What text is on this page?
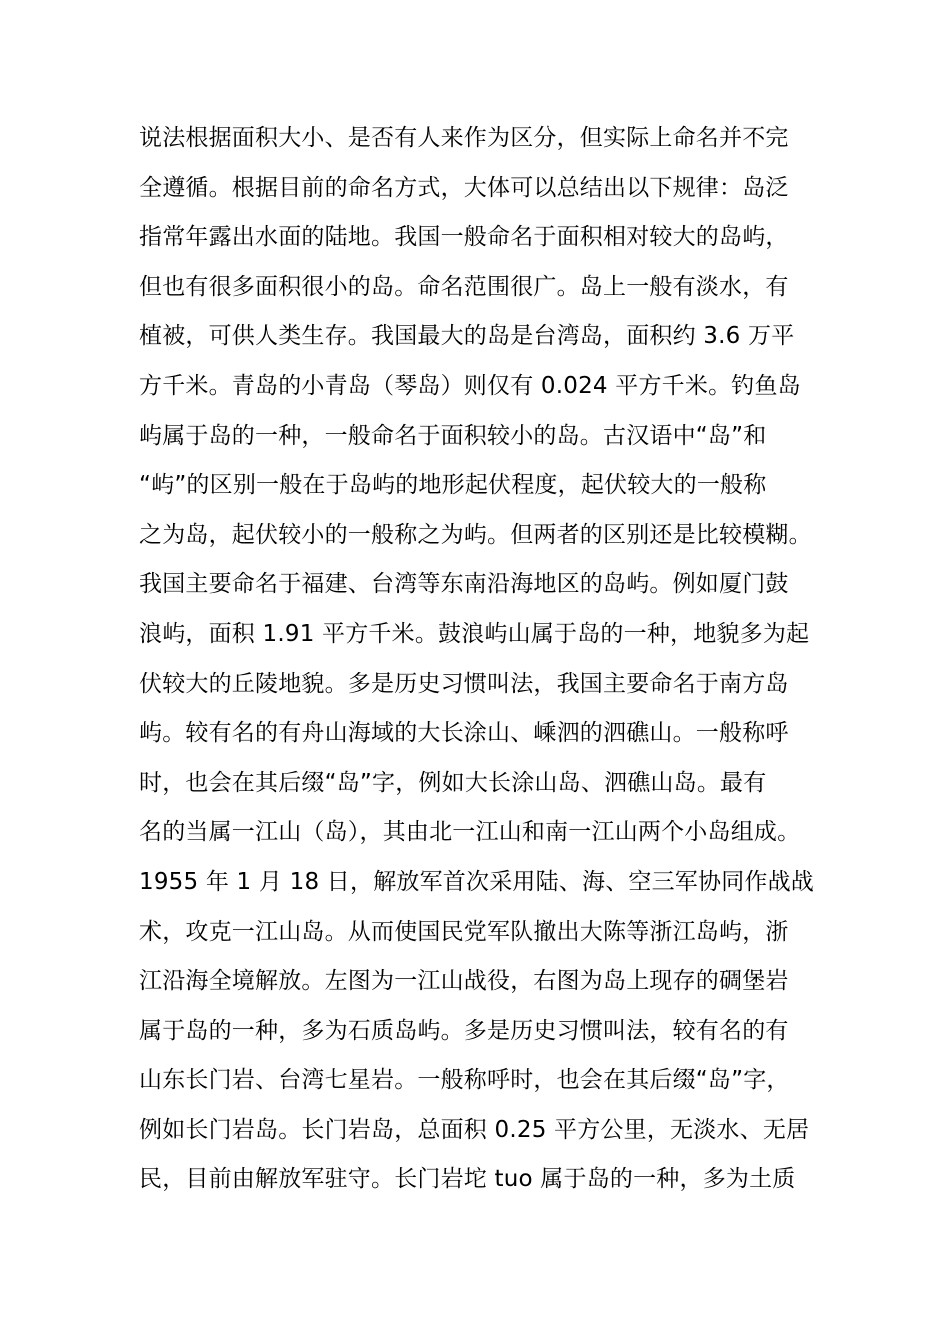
说法根据面积大小、是否有人来作为区分，但实际上命名并不完
全遵循。根据目前的命名方式，大体可以总结出以下规律：岛泛
指常年露出水面的陆地。我国一般命名于面积相对较大的岛屿，
但也有很多面积很小的岛。命名范围很广。岛上一般有淡水，有
植被，可供人类生存。我国最大的岛是台湾岛，面积约 3.6 万平
方千米。青岛的小青岛（琴岛）则仅有 0.024 平方千米。钓鱼岛
屿属于岛的一种，一般命名于面积较小的岛。古汉语中“岛”和
“屿”的区别一般在于岛屿的地形起伏程度，起伏较大的一般称
之为岛，起伏较小的一般称之为屿。但两者的区别还是比较模糊。
我国主要命名于福建、台湾等东南沿海地区的岛屿。例如厦门鼓
浪屿，面积 1.91 平方千米。鼓浪屿山属于岛的一种，地貌多为起
伏较大的丘陵地貌。多是历史习惯叫法，我国主要命名于南方岛
屿。较有名的有舟山海域的大长涂山、嵊泗的泗礁山。一般称呼
时，也会在其后缀“岛”字，例如大长涂山岛、泗礁山岛。最有
名的当属一江山（岛），其由北一江山和南一江山两个小岛组成。
1955 年 1 月 18 日，解放军首次采用陆、海、空三军协同作战战
术，攻克一江山岛。从而使国民党军队撤出大陈等浙江岛屿，浙
江沿海全境解放。左图为一江山战役，右图为岛上现存的碉堡岩
属于岛的一种，多为石质岛屿。多是历史习惯叫法，较有名的有
山东长门岩、台湾七星岩。一般称呼时，也会在其后缀“岛”字，
例如长门岩岛。长门岩岛，总面积 0.25 平方公里，无淡水、无居
民，目前由解放军驻守。长门岩坨 tuo 属于岛的一种，多为土质
